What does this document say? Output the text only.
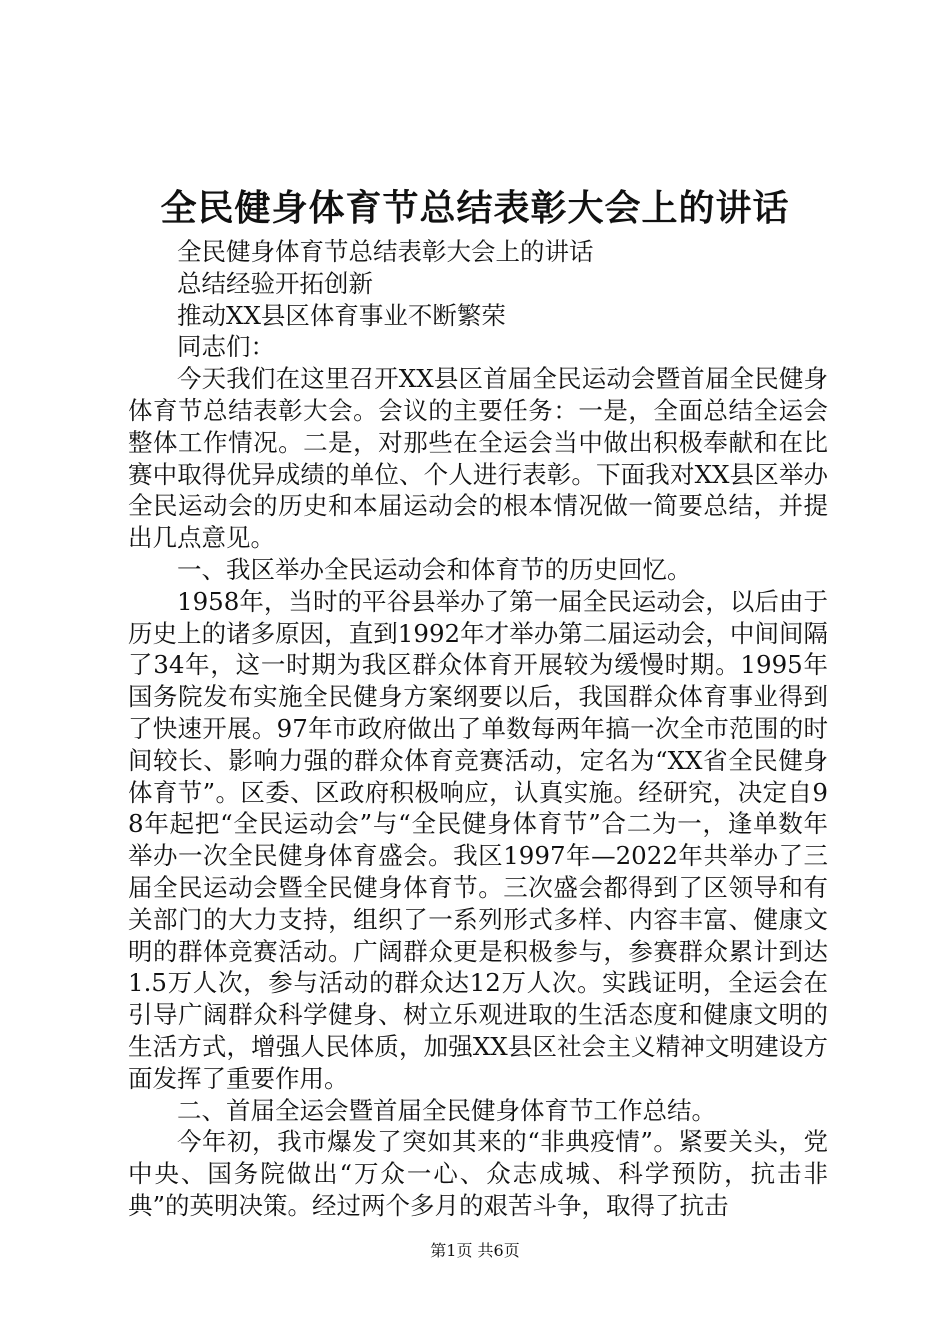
全民健身体育节总结表彰大会上的讲话

全民健身体育节总结表彰大会上的讲话

总结经验开拓创新

推动XX县区体育事业不断繁荣

同志们：

今天我们在这里召开XX县区首届全民运动会暨首届全民健身体育节总结表彰大会。会议的主要任务：一是，全面总结全运会整体工作情况。二是，对那些在全运会当中做出积极奉献和在比赛中取得优异成绩的单位、个人进行表彰。下面我对XX县区举办全民运动会的历史和本届运动会的根本情况做一简要总结，并提出几点意见。

一、我区举办全民运动会和体育节的历史回忆。

1958年，当时的平谷县举办了第一届全民运动会，以后由于历史上的诸多原因，直到1992年才举办第二届运动会，中间间隔了34年，这一时期为我区群众体育开展较为缓慢时期。1995年国务院发布实施全民健身方案纲要以后，我国群众体育事业得到了快速开展。97年市政府做出了单数每两年搞一次全市范围的时间较长、影响力强的群众体育竞赛活动，定名为“XX省全民健身体育节”。区委、区政府积极响应，认真实施。经研究，决定自98年起把“全民运动会”与“全民健身体育节”合二为一，逢单数年举办一次全民健身体育盛会。我区1997年—2022年共举办了三届全民运动会暨全民健身体育节。三次盛会都得到了区领导和有关部门的大力支持，组织了一系列形式多样、内容丰富、健康文明的群体竞赛活动。广阔群众更是积极参与，参赛群众累计到达1.5万人次，参与活动的群众达12万人次。实践证明，全运会在引导广阔群众科学健身、树立乐观进取的生活态度和健康文明的生活方式，增强人民体质，加强XX县区社会主义精神文明建设方面发挥了重要作用。

二、首届全运会暨首届全民健身体育节工作总结。

今年初，我市爆发了突如其来的“非典疫情”。紧要关头，党中央、国务院做出“万众一心、众志成城、科学预防，抗击非典”的英明决策。经过两个多月的艰苦斗争，取得了抗击

第1页 共6页
